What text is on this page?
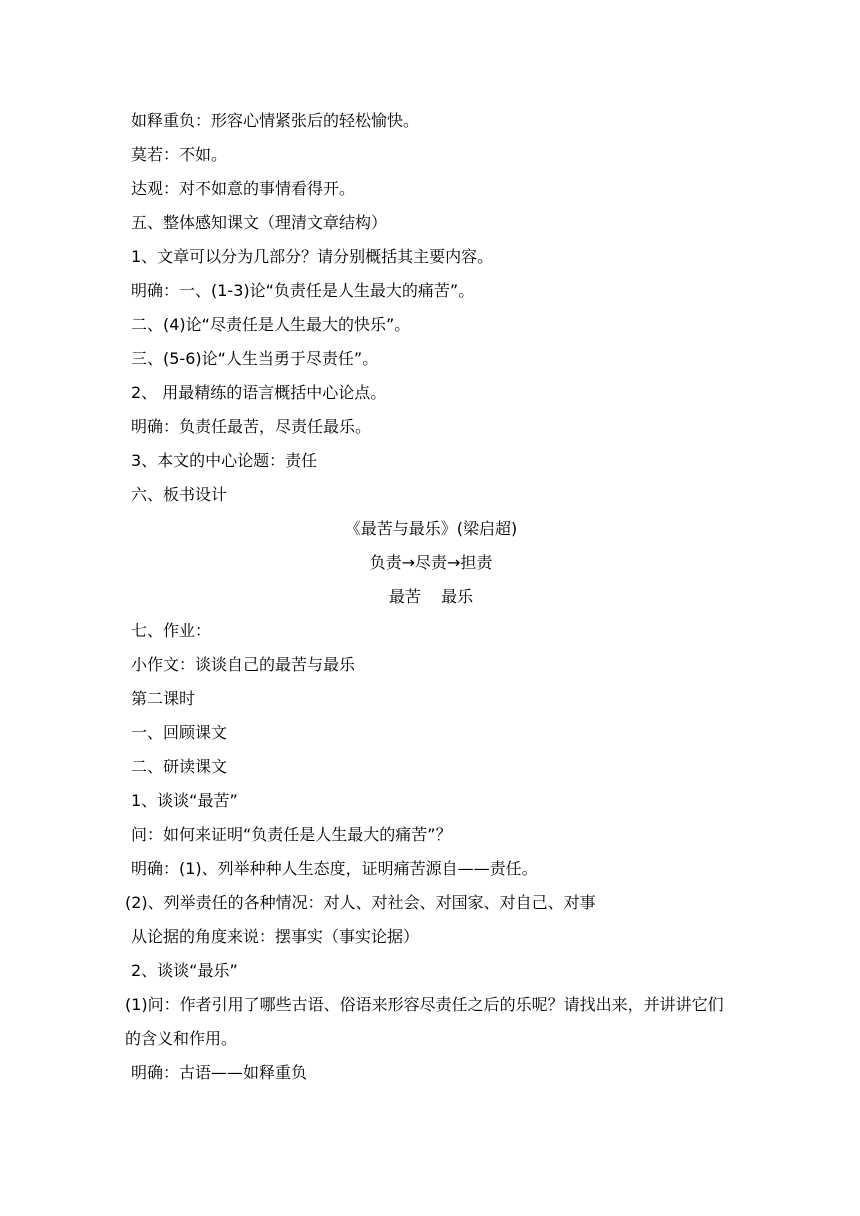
如释重负：形容心情紧张后的轻松愉快。
莫若：不如。
达观：对不如意的事情看得开。
五、整体感知课文（理清文章结构）
1、文章可以分为几部分？请分别概括其主要内容。
明确：一、(1-3)论“负责任是人生最大的痛苦”。
二、(4)论“尽责任是人生最大的快乐”。
三、(5-6)论“人生当勇于尽责任”。
2、 用最精练的语言概括中心论点。
明确：负责任最苦，尽责任最乐。
3、本文的中心论题：责任
六、板书设计
《最苦与最乐》(梁启超)
负责→尽责→担责
最苦    最乐
七、作业：
小作文：谈谈自己的最苦与最乐
第二课时
一、回顾课文
二、研读课文
1、谈谈“最苦”
问：如何来证明“负责任是人生最大的痛苦”？
明确：(1)、列举种种人生态度，证明痛苦源自——责任。
(2)、列举责任的各种情况：对人、对社会、对国家、对自己、对事
从论据的角度来说：摆事实（事实论据）
2、谈谈“最乐”
(1)问：作者引用了哪些古语、俗语来形容尽责任之后的乐呢？请找出来，并讲讲它们的含义和作用。
明确：古语——如释重负
